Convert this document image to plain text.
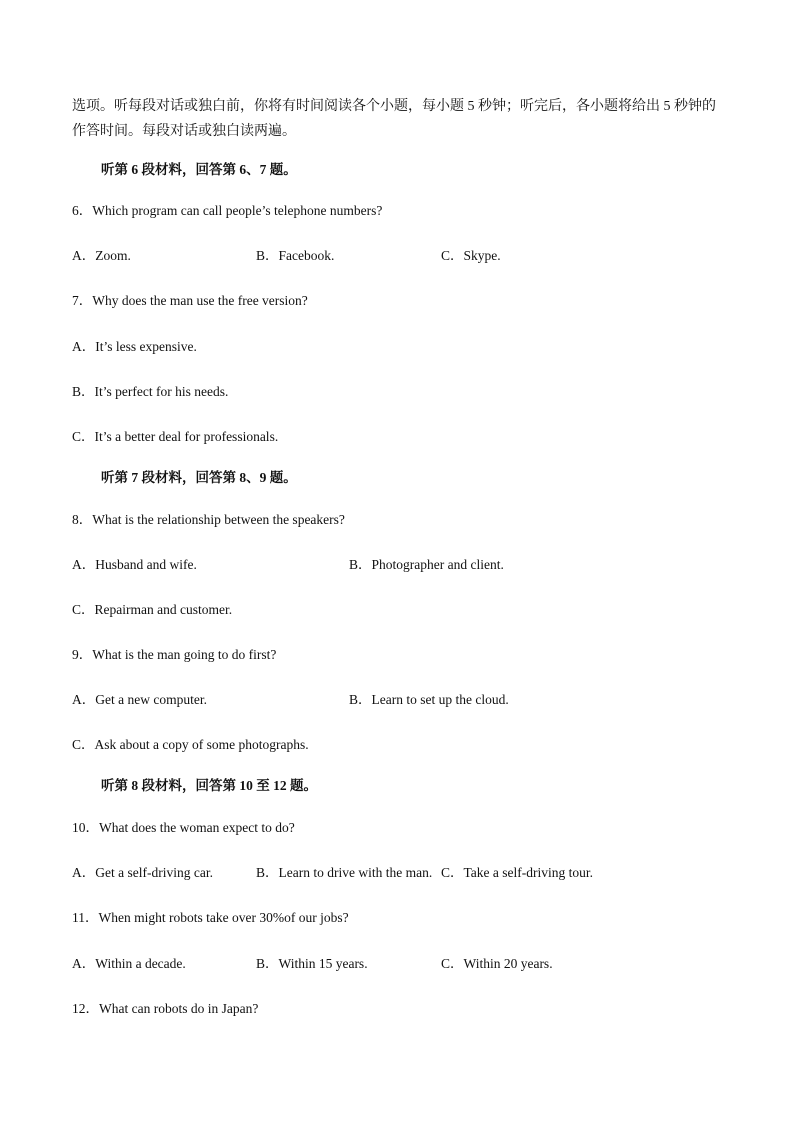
选项。听每段对话或独白前，你将有时间阅读各个小题，每小题 5 秒钟；听完后，各小题将给出 5 秒钟的
作答时间。每段对话或独白读两遍。
听第 6 段材料，回答第 6、7 题。
6．Which program can call people’s telephone numbers?
A．Zoom.	B．Facebook.	C．Skype.
7．Why does the man use the free version?
A．It’s less expensive.
B．It’s perfect for his needs.
C．It’s a better deal for professionals.
听第 7 段材料，回答第 8、9 题。
8．What is the relationship between the speakers?
A．Husband and wife.	B．Photographer and client.
C．Repairman and customer.
9．What is the man going to do first?
A．Get a new computer.	B．Learn to set up the cloud.
C．Ask about a copy of some photographs.
听第 8 段材料，回答第 10 至 12 题。
10．What does the woman expect to do?
A．Get a self-driving car.	B．Learn to drive with the man. C．Take a self-driving tour.
11．When might robots take over 30%of our jobs?
A．Within a decade.	B．Within 15 years.	C．Within 20 years.
12．What can robots do in Japan?
